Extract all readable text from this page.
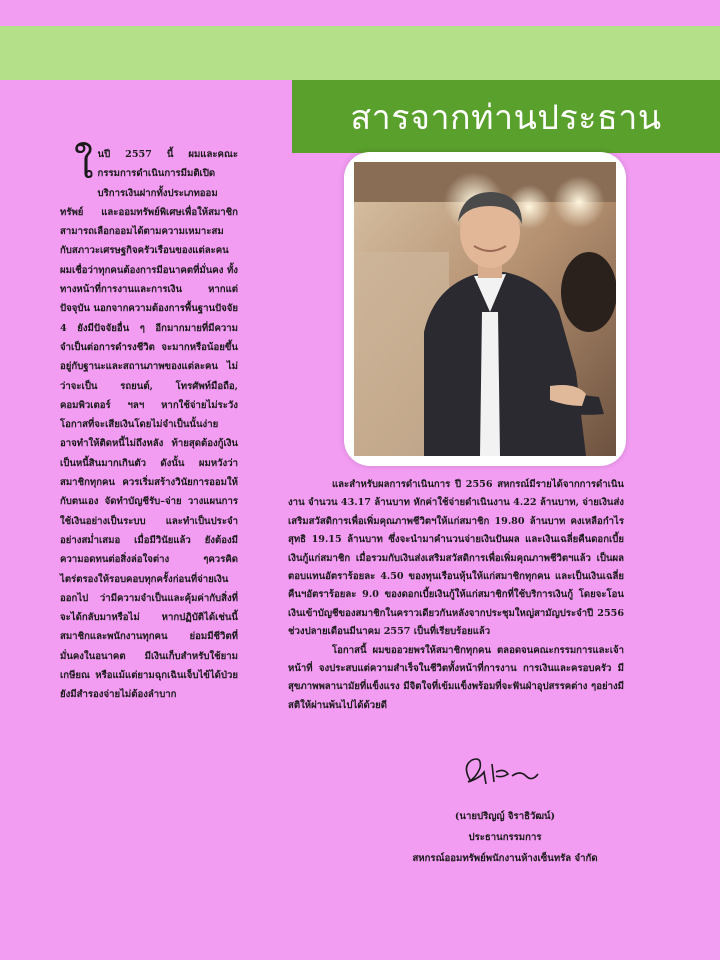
สารจากท่านประธาน

ในปี 2557 นี้ ผมและคณะกรรมการดำเนินการมีมติเปิดบริการเงินฝากทั้งประเภทออมทรัพย์ และออมทรัพย์พิเศษเพื่อให้สมาชิกสามารถเลือกออมได้ตามความเหมาะสม กับสภาวะเศรษฐกิจครัวเรือนของแต่ละคน ผมเชื่อว่าทุกคนต้องการมีอนาคตที่มั่นคง ทั้งทางหน้าที่การงานและการเงิน หากแต่ปัจจุบัน นอกจากความต้องการพื้นฐานปัจจัย 4 ยังมีปัจจัยอื่น ๆ อีกมากมายที่มีความจำเป็นต่อการดำรงชีวิต จะมากหรือน้อยขึ้นอยู่กับฐานะและสถานภาพของแต่ละคน ไม่ว่าจะเป็น รถยนต์, โทรศัพท์มือถือ, คอมพิวเตอร์ ฯลฯ หากใช้จ่ายไม่ระวัง โอกาสที่จะเสียเงินโดยไม่จำเป็นนั้นง่าย อาจทำให้ติดหนี้ไม่ถึงหลัง ท้ายสุดต้องกู้เงินเป็นหนี้สินมากเกินตัว ดังนั้น ผมหวังว่าสมาชิกทุกคน ควรเริ่มสร้างวินัยการออมให้กับตนเอง จัดทำบัญชีรับ–จ่าย วางแผนการใช้เงินอย่างเป็นระบบ และทำเป็นประจำอย่างสม่ำเสมอ เมื่อมีวินัยแล้ว ยังต้องมีความอดทนต่อสิ่งล่อใจต่าง ๆควรคิดไตร่ตรองให้รอบคอบทุกครั้งก่อนที่จ่ายเงินออกไป ว่ามีความจำเป็นและคุ้มค่ากับสิ่งที่จะได้กลับมาหรือไม่ หากปฏิบัติได้เช่นนี้สมาชิกและพนักงานทุกคน ย่อมมีชีวิตที่มั่นคงในอนาคต มีเงินเก็บสำหรับใช้ยามเกษียณ หรือแม้แต่ยามฉุกเฉินเจ็บไข้ได้ป่วยยังมีสำรองจ่ายไม่ต้องลำบาก

และสำหรับผลการดำเนินการ ปี 2556 สหกรณ์มีรายได้จากการดำเนินงาน จำนวน 43.17 ล้านบาท หักค่าใช้จ่ายดำเนินงาน 4.22 ล้านบาท, จ่ายเงินส่งเสริมสวัสดิการเพื่อเพิ่มคุณภาพชีวิตฯให้แก่สมาชิก 19.80 ล้านบาท คงเหลือกำไรสุทธิ 19.15 ล้านบาท ซึ่งจะนำมาคำนวนจ่ายเงินปันผล และเงินเฉลี่ยคืนดอกเบี้ยเงินกู้แก่สมาชิก เมื่อรวมกับเงินส่งเสริมสวัสดิการเพื่อเพิ่มคุณภาพชีวิตฯแล้ว เป็นผลตอบแทนอัตราร้อยละ 4.50 ของทุนเรือนหุ้นให้แก่สมาชิกทุกคน และเป็นเงินเฉลี่ยคืนฯอัตราร้อยละ 9.0 ของดอกเบี้ยเงินกู้ให้แก่สมาชิกที่ใช้บริการเงินกู้ โดยจะโอนเงินเข้าบัญชีของสมาชิกในคราวเดียวกันหลังจากประชุมใหญ่สามัญประจำปี 2556 ช่วงปลายเดือนมีนาคม 2557 เป็นที่เรียบร้อยแล้ว

โอกาสนี้ ผมขออวยพรให้สมาชิกทุกคน ตลอดจนคณะกรรมการและเจ้าหน้าที่ จงประสบแต่ความสำเร็จในชีวิตทั้งหน้าที่การงาน การเงินและครอบครัว มีสุขภาพพลานามัยที่แข็งแรง มีจิตใจที่เข้มแข็งพร้อมที่จะฟันฝ่าอุปสรรคต่าง ๆอย่างมีสติให้ผ่านพ้นไปได้ด้วยดี

(นายปริญญ์ จิราธิวัฒน์)
ประธานกรรมการ
สหกรณ์ออมทรัพย์พนักงานห้างเซ็นทรัล จำกัด
